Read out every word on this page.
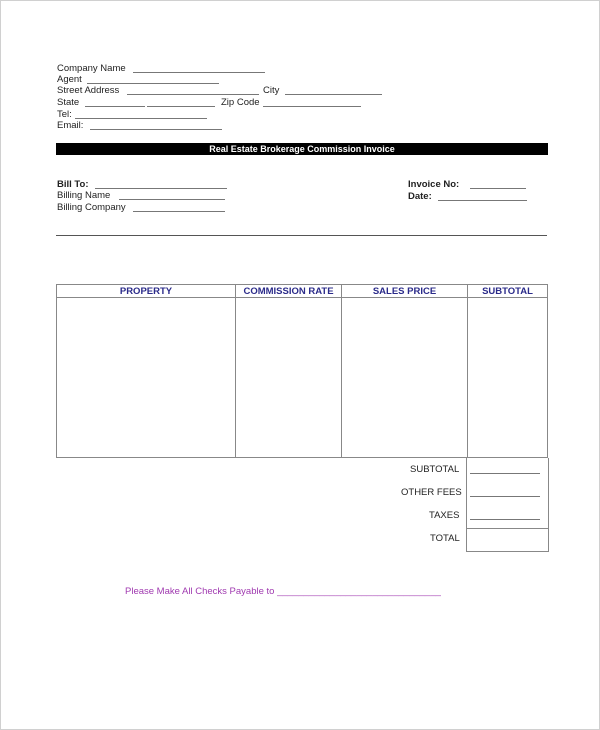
Company Name
Agent
Street Address	City
State	Zip Code
Tel:
Email:
Real Estate Brokerage Commission Invoice
Bill To:
Billing Name
Billing Company
Invoice No:
Date:
PROPERTY	COMMISSION RATE	SALES PRICE	SUBTOTAL

SUBTOTAL
OTHER FEES
TAXES
TOTAL
Please Make All Checks Payable to _______________________________
